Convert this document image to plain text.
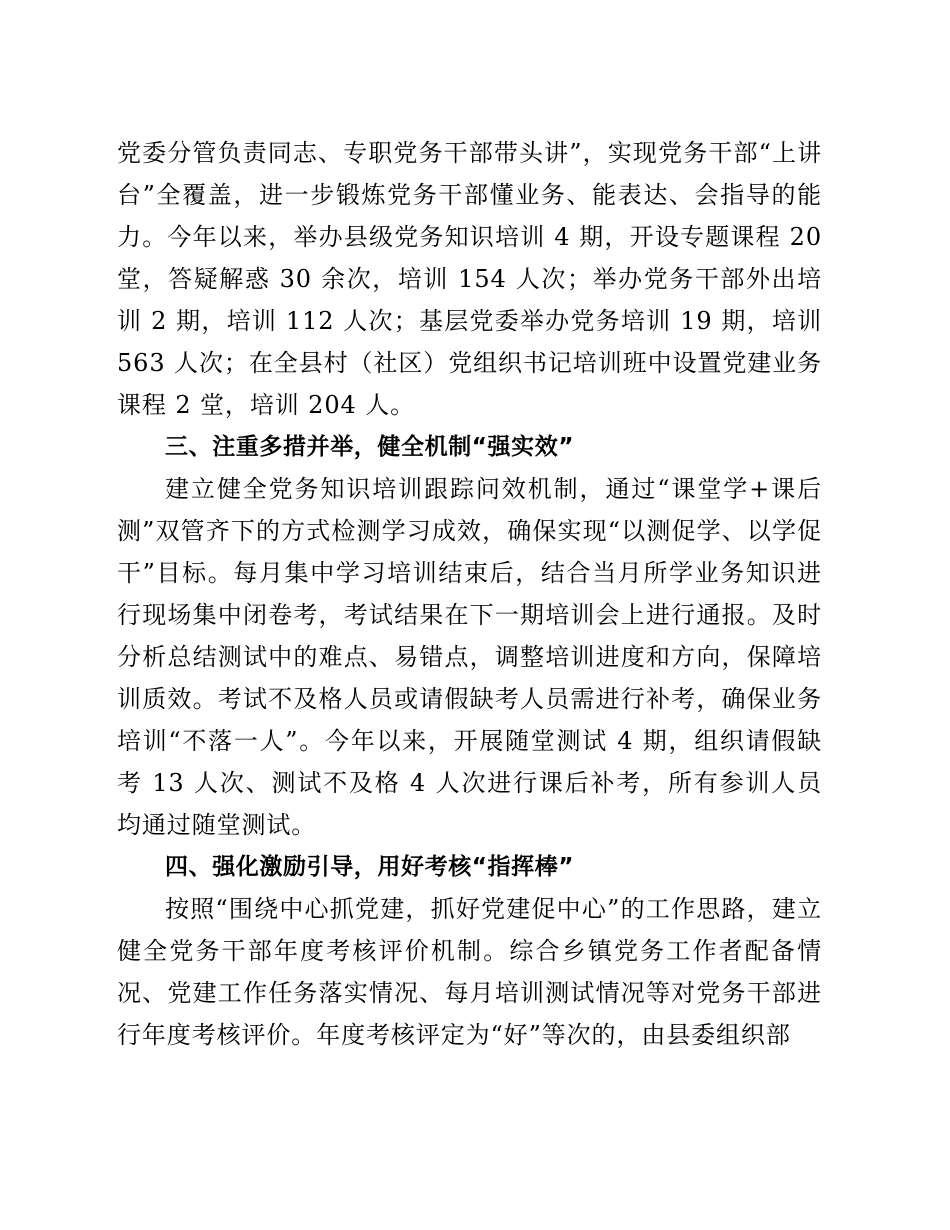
党委分管负责同志、专职党务干部带头讲”，实现党务干部“上讲台”全覆盖，进一步锻炼党务干部懂业务、能表达、会指导的能力。今年以来，举办县级党务知识培训 4 期，开设专题课程 20 堂，答疑解惑 30 余次，培训 154 人次；举办党务干部外出培训 2 期，培训 112 人次；基层党委举办党务培训 19 期，培训 563 人次；在全县村（社区）党组织书记培训班中设置党建业务课程 2 堂，培训 204 人。

三、注重多措并举，健全机制“强实效”

建立健全党务知识培训跟踪问效机制，通过“课堂学+课后测”双管齐下的方式检测学习成效，确保实现“以测促学、以学促干”目标。每月集中学习培训结束后，结合当月所学业务知识进行现场集中闭卷考，考试结果在下一期培训会上进行通报。及时分析总结测试中的难点、易错点，调整培训进度和方向，保障培训质效。考试不及格人员或请假缺考人员需进行补考，确保业务培训“不落一人”。今年以来，开展随堂测试 4 期，组织请假缺考 13 人次、测试不及格 4 人次进行课后补考，所有参训人员均通过随堂测试。

四、强化激励引导，用好考核“指挥棒”

按照“围绕中心抓党建，抓好党建促中心”的工作思路，建立健全党务干部年度考核评价机制。综合乡镇党务工作者配备情况、党建工作任务落实情况、每月培训测试情况等对党务干部进行年度考核评价。年度考核评定为“好”等次的，由县委组织部
